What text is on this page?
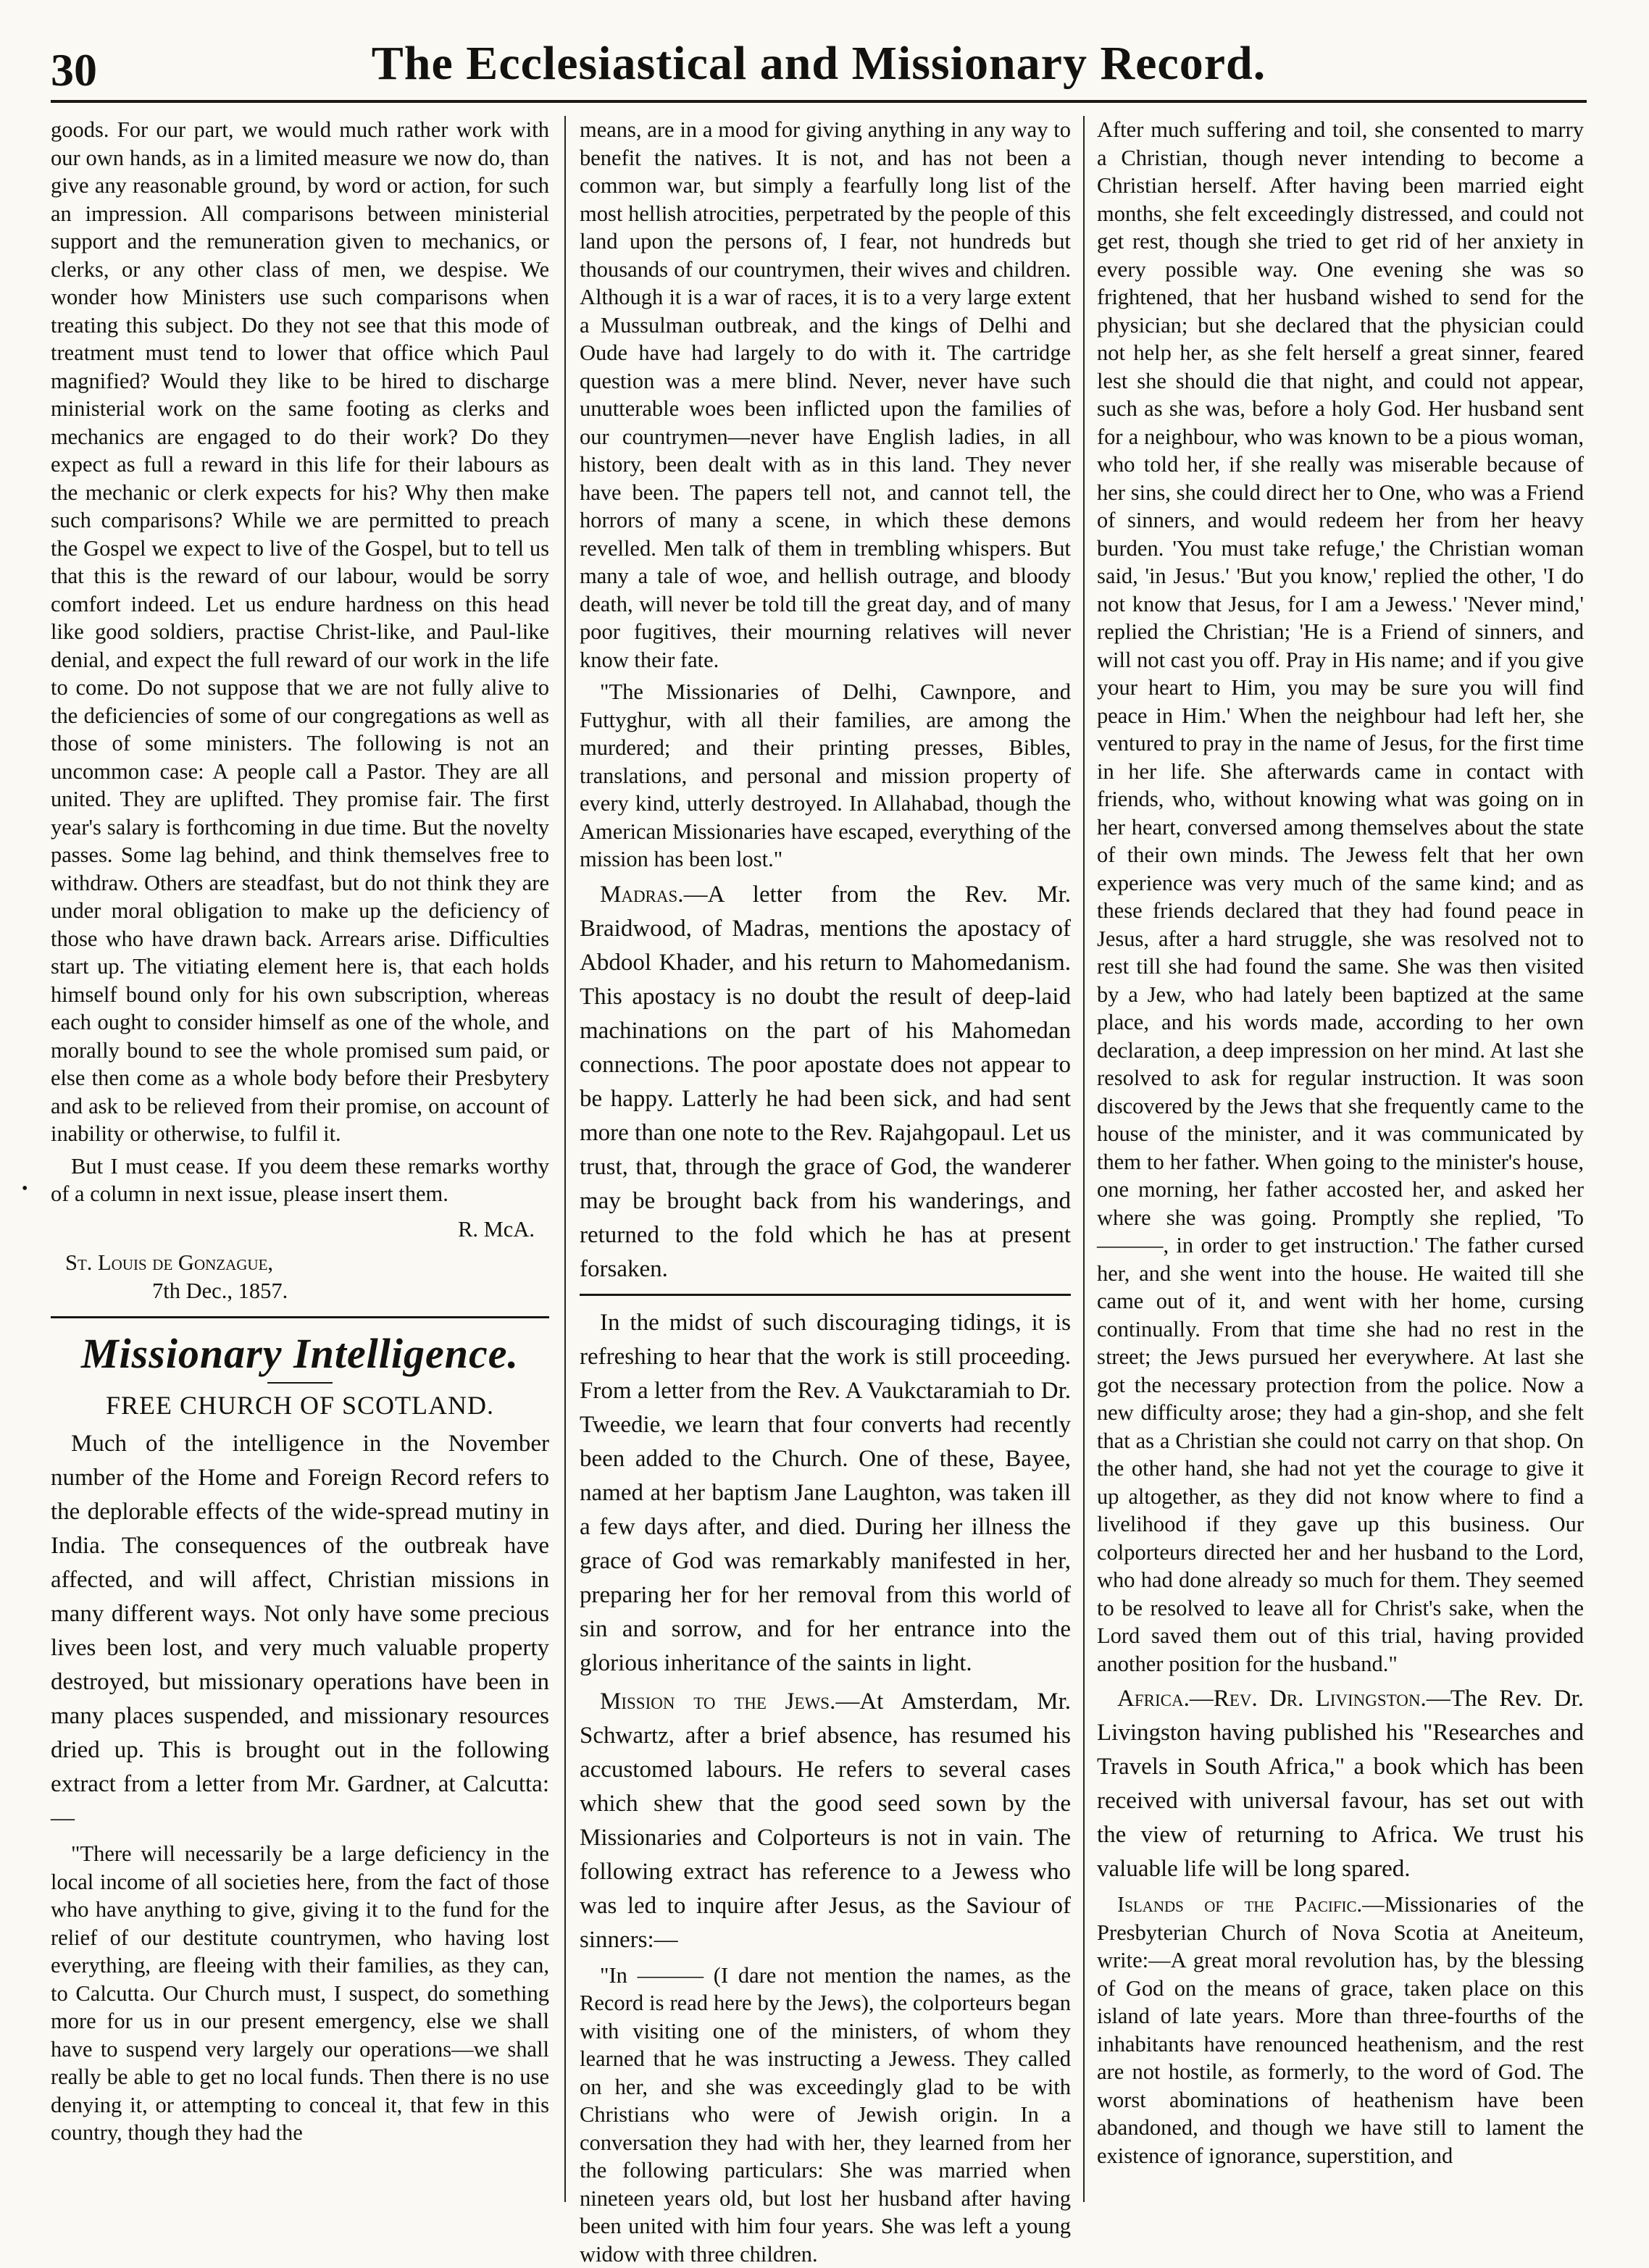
30	The Ecclesiastical and Missionary Record.
•

goods. For our part, we would much rather work with our own hands, as in a limited measure we now do, than give any reasonable ground, by word or action, for such an impression. All comparisons between ministerial support and the remuneration given to mechanics, or clerks, or any other class of men, we despise. We wonder how Ministers use such comparisons when treating this subject. Do they not see that this mode of treatment must tend to lower that office which Paul magnified? Would they like to be hired to discharge ministerial work on the same footing as clerks and mechanics are engaged to do their work? Do they expect as full a reward in this life for their labours as the mechanic or clerk expects for his? Why then make such comparisons? While we are permitted to preach the Gospel we expect to live of the Gospel, but to tell us that this is the reward of our labour, would be sorry comfort indeed. Let us endure hardness on this head like good soldiers, practise Christ-like, and Paul-like denial, and expect the full reward of our work in the life to come. Do not suppose that we are not fully alive to the deficiencies of some of our congregations as well as those of some ministers. The following is not an uncommon case: A people call a Pastor. They are all united. They are uplifted. They promise fair. The first year's salary is forthcoming in due time. But the novelty passes. Some lag behind, and think themselves free to withdraw. Others are steadfast, but do not think they are under moral obligation to make up the deficiency of those who have drawn back. Arrears arise. Difficulties start up. The vitiating element here is, that each holds himself bound only for his own subscription, whereas each ought to consider himself as one of the whole, and morally bound to see the whole promised sum paid, or else then come as a whole body before their Presbytery and ask to be relieved from their promise, on account of inability or otherwise, to fulfil it.

But I must cease. If you deem these remarks worthy of a column in next issue, please insert them.

R. McA.

St. Louis de Gonzague,

7th Dec., 1857.

Missionary Intelligence.
FREE CHURCH OF SCOTLAND.

Much of the intelligence in the November number of the Home and Foreign Record refers to the deplorable effects of the wide-spread mutiny in India. The consequences of the outbreak have affected, and will affect, Christian missions in many different ways. Not only have some precious lives been lost, and very much valuable property destroyed, but missionary operations have been in many places suspended, and missionary resources dried up. This is brought out in the following extract from a letter from Mr. Gardner, at Calcutta:—

"There will necessarily be a large deficiency in the local income of all societies here, from the fact of those who have anything to give, giving it to the fund for the relief of our destitute countrymen, who having lost everything, are fleeing with their families, as they can, to Calcutta. Our Church must, I suspect, do something more for us in our present emergency, else we shall have to suspend very largely our operations—we shall really be able to get no local funds. Then there is no use denying it, or attempting to conceal it, that few in this country, though they had the

means, are in a mood for giving anything in any way to benefit the natives. It is not, and has not been a common war, but simply a fearfully long list of the most hellish atrocities, perpetrated by the people of this land upon the persons of, I fear, not hundreds but thousands of our countrymen, their wives and children. Although it is a war of races, it is to a very large extent a Mussulman outbreak, and the kings of Delhi and Oude have had largely to do with it. The cartridge question was a mere blind. Never, never have such unutterable woes been inflicted upon the families of our countrymen—never have English ladies, in all history, been dealt with as in this land. They never have been. The papers tell not, and cannot tell, the horrors of many a scene, in which these demons revelled. Men talk of them in trembling whispers. But many a tale of woe, and hellish outrage, and bloody death, will never be told till the great day, and of many poor fugitives, their mourning relatives will never know their fate.

"The Missionaries of Delhi, Cawnpore, and Futtyghur, with all their families, are among the murdered; and their printing presses, Bibles, translations, and personal and mission property of every kind, utterly destroyed. In Allahabad, though the American Missionaries have escaped, everything of the mission has been lost."

Madras.—A letter from the Rev. Mr. Braidwood, of Madras, mentions the apostacy of Abdool Khader, and his return to Mahomedanism. This apostacy is no doubt the result of deep-laid machinations on the part of his Mahomedan connections. The poor apostate does not appear to be happy. Latterly he had been sick, and had sent more than one note to the Rev. Rajahgopaul. Let us trust, that, through the grace of God, the wanderer may be brought back from his wanderings, and returned to the fold which he has at present forsaken.

In the midst of such discouraging tidings, it is refreshing to hear that the work is still proceeding. From a letter from the Rev. A Vaukctaramiah to Dr. Tweedie, we learn that four converts had recently been added to the Church. One of these, Bayee, named at her baptism Jane Laughton, was taken ill a few days after, and died. During her illness the grace of God was remarkably manifested in her, preparing her for her removal from this world of sin and sorrow, and for her entrance into the glorious inheritance of the saints in light.

Mission to the Jews.—At Amsterdam, Mr. Schwartz, after a brief absence, has resumed his accustomed labours. He refers to several cases which shew that the good seed sown by the Missionaries and Colporteurs is not in vain. The following extract has reference to a Jewess who was led to inquire after Jesus, as the Saviour of sinners:—

"In ——— (I dare not mention the names, as the Record is read here by the Jews), the colporteurs began with visiting one of the ministers, of whom they learned that he was instructing a Jewess. They called on her, and she was exceedingly glad to be with Christians who were of Jewish origin. In a conversation they had with her, they learned from her the following particulars: She was married when nineteen years old, but lost her husband after having been united with him four years. She was left a young widow with three children.

After much suffering and toil, she consented to marry a Christian, though never intending to become a Christian herself. After having been married eight months, she felt exceedingly distressed, and could not get rest, though she tried to get rid of her anxiety in every possible way. One evening she was so frightened, that her husband wished to send for the physician; but she declared that the physician could not help her, as she felt herself a great sinner, feared lest she should die that night, and could not appear, such as she was, before a holy God. Her husband sent for a neighbour, who was known to be a pious woman, who told her, if she really was miserable because of her sins, she could direct her to One, who was a Friend of sinners, and would redeem her from her heavy burden. 'You must take refuge,' the Christian woman said, 'in Jesus.' 'But you know,' replied the other, 'I do not know that Jesus, for I am a Jewess.' 'Never mind,' replied the Christian; 'He is a Friend of sinners, and will not cast you off. Pray in His name; and if you give your heart to Him, you may be sure you will find peace in Him.' When the neighbour had left her, she ventured to pray in the name of Jesus, for the first time in her life. She afterwards came in contact with friends, who, without knowing what was going on in her heart, conversed among themselves about the state of their own minds. The Jewess felt that her own experience was very much of the same kind; and as these friends declared that they had found peace in Jesus, after a hard struggle, she was resolved not to rest till she had found the same. She was then visited by a Jew, who had lately been baptized at the same place, and his words made, according to her own declaration, a deep impression on her mind. At last she resolved to ask for regular instruction. It was soon discovered by the Jews that she frequently came to the house of the minister, and it was communicated by them to her father. When going to the minister's house, one morning, her father accosted her, and asked her where she was going. Promptly she replied, 'To ———, in order to get instruction.' The father cursed her, and she went into the house. He waited till she came out of it, and went with her home, cursing continually. From that time she had no rest in the street; the Jews pursued her everywhere. At last she got the necessary protection from the police. Now a new difficulty arose; they had a gin-shop, and she felt that as a Christian she could not carry on that shop. On the other hand, she had not yet the courage to give it up altogether, as they did not know where to find a livelihood if they gave up this business. Our colporteurs directed her and her husband to the Lord, who had done already so much for them. They seemed to be resolved to leave all for Christ's sake, when the Lord saved them out of this trial, having provided another position for the husband."

Africa.—Rev. Dr. Livingston.—The Rev. Dr. Livingston having published his "Researches and Travels in South Africa," a book which has been received with universal favour, has set out with the view of returning to Africa. We trust his valuable life will be long spared.

Islands of the Pacific.—Missionaries of the Presbyterian Church of Nova Scotia at Aneiteum, write:—A great moral revolution has, by the blessing of God on the means of grace, taken place on this island of late years. More than three-fourths of the inhabitants have renounced heathenism, and the rest are not hostile, as formerly, to the word of God. The worst abominations of heathenism have been abandoned, and though we have still to lament the existence of ignorance, superstition, and
